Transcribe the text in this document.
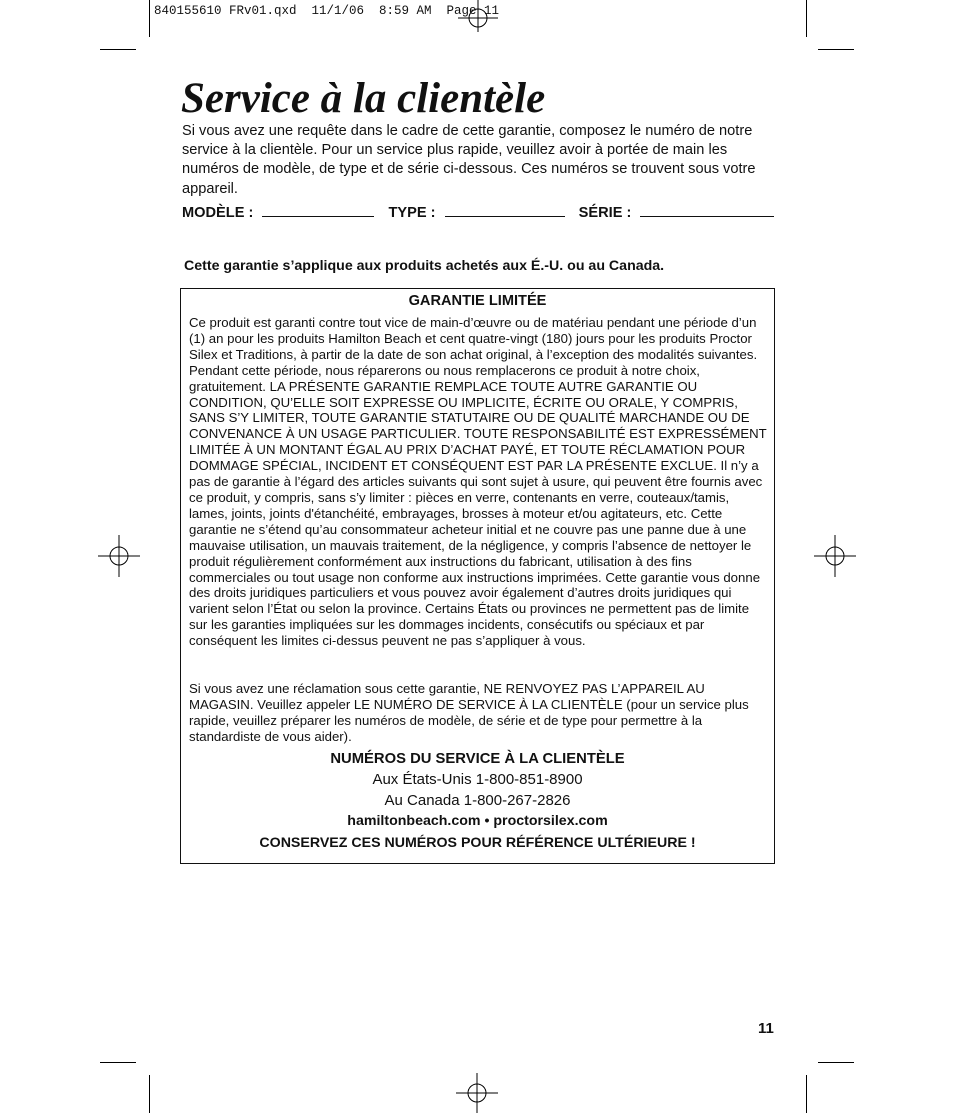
840155610 FRv01.qxd  11/1/06  8:59 AM  Page 11
Service à la clientèle

Si vous avez une requête dans le cadre de cette garantie, composez le numéro de notre service à la clientèle. Pour un service plus rapide, veuillez avoir à portée de main les numéros de modèle, de type et de série ci-dessous. Ces numéros se trouvent sous votre appareil.

MODÈLE :	TYPE :	SÉRIE :

Cette garantie s’applique aux produits achetés aux É.-U. ou au Canada.

GARANTIE LIMITÉE

Ce produit est garanti contre tout vice de main-d’œuvre ou de matériau pendant une période d’un (1) an pour les produits Hamilton Beach et cent quatre-vingt (180) jours pour les produits Proctor Silex et Traditions, à partir de la date de son achat original, à l’exception des modalités suivantes. Pendant cette période, nous réparerons ou nous remplacerons ce produit à notre choix, gratuitement. LA PRÉSENTE GARANTIE REMPLACE TOUTE AUTRE GARANTIE OU CONDITION, QU’ELLE SOIT EXPRESSE OU IMPLICITE, ÉCRITE OU ORALE, Y COMPRIS, SANS S’Y LIMITER, TOUTE GARANTIE STATUTAIRE OU DE QUALITÉ MARCHANDE OU DE CONVENANCE À UN USAGE PARTICULIER. TOUTE RESPONSABILITÉ EST EXPRESSÉMENT LIMITÉE À UN MONTANT ÉGAL AU PRIX D’ACHAT PAYÉ, ET TOUTE RÉCLAMATION POUR DOMMAGE SPÉCIAL, INCIDENT ET CONSÉQUENT EST PAR LA PRÉSENTE EXCLUE. Il n’y a pas de garantie à l’égard des articles suivants qui sont sujet à usure, qui peuvent être fournis avec ce produit, y compris, sans s’y limiter : pièces en verre, contenants en verre, couteaux/tamis, lames, joints, joints d'étanchéité, embrayages, brosses à moteur et/ou agitateurs, etc. Cette garantie ne s’étend qu’au consommateur acheteur initial et ne couvre pas une panne due à une mauvaise utilisation, un mauvais traitement, de la négligence, y compris l’absence de nettoyer le produit régulièrement conformément aux instructions du fabricant, utilisation à des fins commerciales ou tout usage non conforme aux instructions imprimées. Cette garantie vous donne des droits juridiques particuliers et vous pouvez avoir également d’autres droits juridiques qui varient selon l’État ou selon la province. Certains États ou provinces ne permettent pas de limite sur les garanties impliquées sur les dommages incidents, consécutifs ou spéciaux et par conséquent les limites ci-dessus peuvent ne pas s’appliquer à vous.

Si vous avez une réclamation sous cette garantie, NE RENVOYEZ PAS L’APPAREIL AU MAGASIN. Veuillez appeler LE NUMÉRO DE SERVICE À LA CLIENTÈLE (pour un service plus rapide, veuillez préparer les numéros de modèle, de série et de type pour permettre à la standardiste de vous aider).

NUMÉROS DU SERVICE À LA CLIENTÈLE

Aux États-Unis 1-800-851-8900

Au Canada 1-800-267-2826

hamiltonbeach.com • proctorsilex.com

CONSERVEZ CES NUMÉROS POUR RÉFÉRENCE ULTÉRIEURE !

11
